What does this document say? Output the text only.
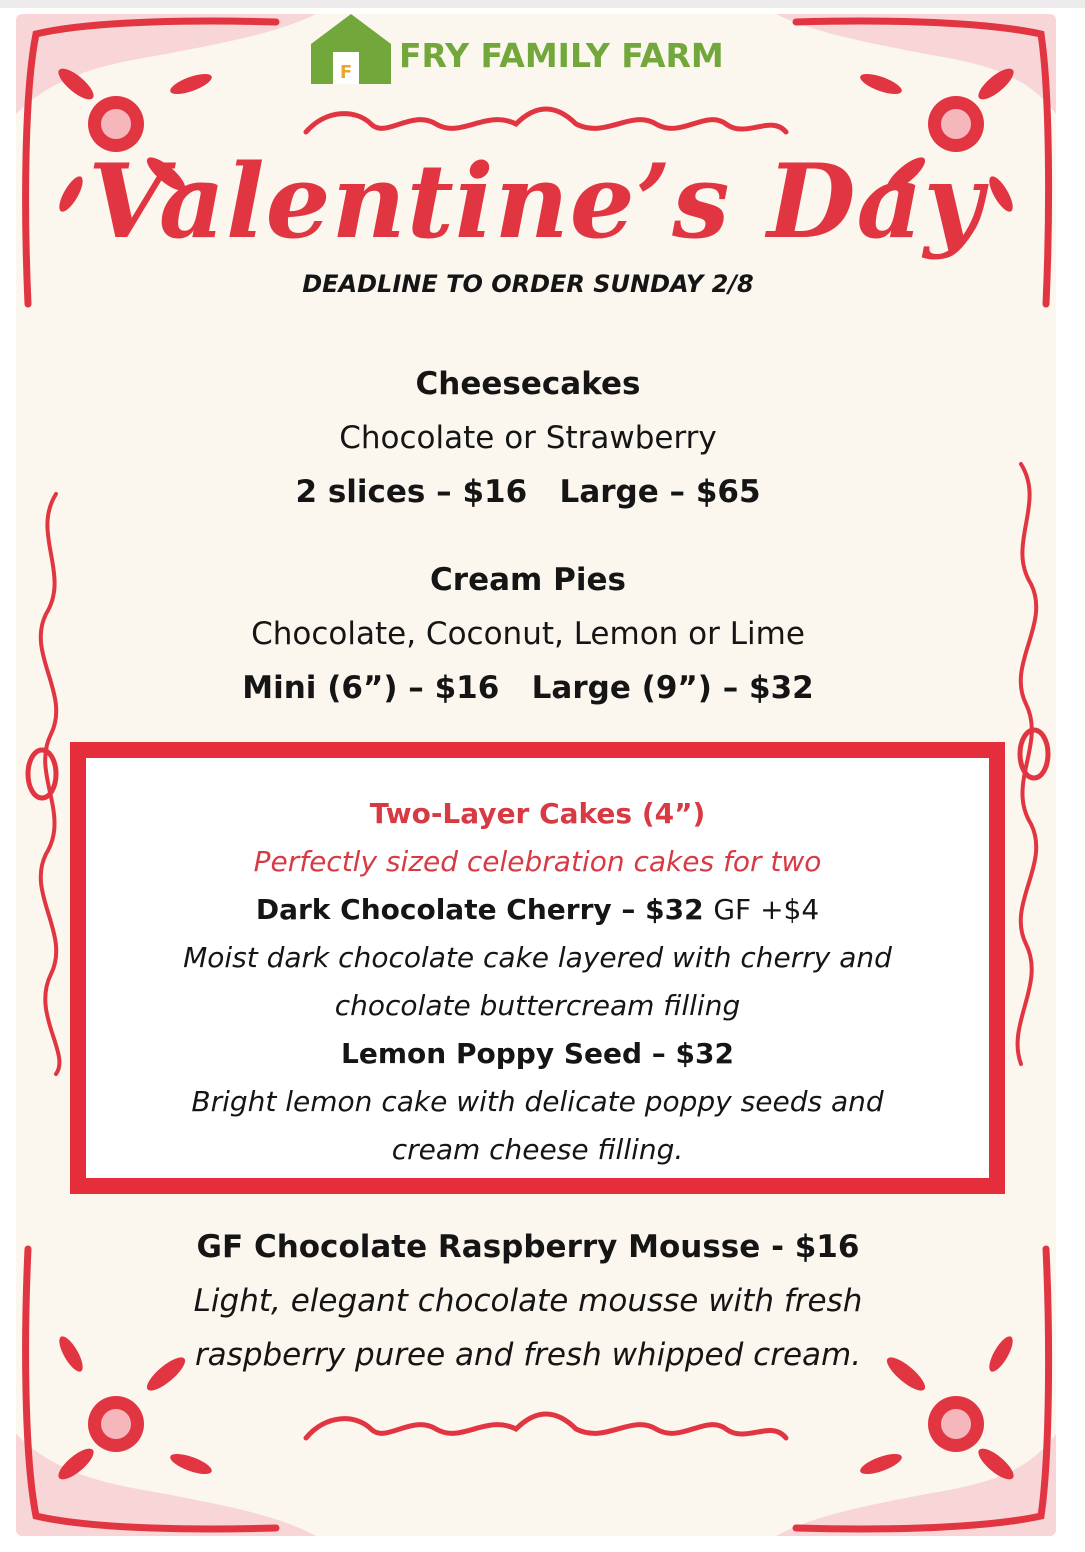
F FRY FAMILY FARM
Valentine’s Day
DEADLINE TO ORDER SUNDAY 2/8
Cheesecakes
Chocolate or Strawberry
2 slices – $16   Large – $65
Cream Pies
Chocolate, Coconut, Lemon or Lime
Mini (6”) – $16   Large (9”) – $32
Two-Layer Cakes (4”)
Perfectly sized celebration cakes for two
Dark Chocolate Cherry – $32 GF +$4
Moist dark chocolate cake layered with cherry and
chocolate buttercream filling
Lemon Poppy Seed – $32
Bright lemon cake with delicate poppy seeds and
cream cheese filling.
GF Chocolate Raspberry Mousse - $16
Light, elegant chocolate mousse with fresh
raspberry puree and fresh whipped cream.
